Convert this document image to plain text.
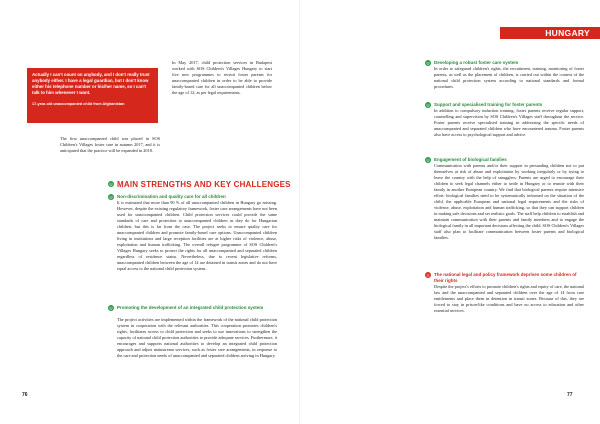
HUNGARY
Actually I can't count on anybody, and I don't really trust anybody either. I have a legal guardian, but I don't know either his telephone number or his/her name, so I can't talk to him whenever I want.
17-year-old unaccompanied child from Afghanistan
In May 2017, child protection services in Budapest worked with SOS Children's Villages Hungary to start five new programmes to recruit foster parents for unaccompanied children in order to be able to provide family-based care for all unaccompanied children below the age of 12, as per legal requirements.
The first unaccompanied child was placed in SOS Children's Villages foster care in autumn 2017, and it is anticipated that the practice will be expanded in 2018.
MAIN STRENGTHS AND KEY CHALLENGES
Non-discrimination and quality care for all children
It is estimated that more than 90 % of all unaccompanied children in Hungary go missing. However, despite the existing regulatory framework, foster care arrangements have not been used for unaccompanied children. Child protection services could provide the same standards of care and protection to unaccompanied children as they do for Hungarian children, but this is far from the case. The project seeks to ensure quality care for unaccompanied children and promote family-based care options. Unaccompanied children living in institutions and large reception facilities are at higher risks of violence, abuse, exploitation and human trafficking. The overall refugee programme of SOS Children's Villages Hungary seeks to protect the rights for all unaccompanied and separated children regardless of residence status. Nevertheless, due to recent legislative reforms, unaccompanied children between the age of 14 are detained in transit zones and do not have equal access to the national child protection system.
Promoting the development of an integrated child protection system
The project activities are implemented within the framework of the national child protection system in cooperation with the relevant authorities. This cooperation promotes children's rights, facilitates access to child protection and seeks to use innovations to strengthen the capacity of national child protection authorities to provide adequate services. Furthermore, it encourages and supports national authorities to develop an integrated child protection approach and adjust mainstream services, such as foster care arrangements, in response to the care and protection needs of unaccompanied and separated children arriving in Hungary.
76
Developing a robust foster care system
In order to safeguard children's rights, the recruitment, training, monitoring of foster parents, as well as the placement of children, is carried out within the context of the national child protection system according to national standards and formal procedures.
Support and specialised training for foster parents
In addition to compulsory induction training, foster parents receive regular support, counselling and supervision by SOS Children's Villages staff throughout the service. Foster parents receive specialised training in addressing the specific needs of unaccompanied and separated children who have encountered trauma. Foster parents also have access to psychological support and advice.
Engagement of biological families
Communication with parents and/or their support in persuading children not to put themselves at risk of abuse and exploitation by working irregularly or by trying to leave the country with the help of smugglers. Parents are urged to encourage their children to seek legal channels either to settle in Hungary or to reunite with their family in another European country. We find that biological parents require intensive effort: biological families need to be systematically informed on the situation of the child, the applicable European and national legal requirements and the risks of violence, abuse, exploitation and human trafficking, so that they can support children in making safe decisions and set realistic goals. The staff help children to establish and maintain communication with their parents and family members and to engage the biological family in all important decisions affecting the child. SOS Children's Villages staff also plan to facilitate communication between foster parents and biological families.
The national legal and policy framework deprives some children of their rights
Despite the project's efforts to promote children's rights and equity of care, the national law and the unaccompanied and separated children over the age of 14 from care entitlements and place them in detention in transit zones. Because of this, they are forced to stay in prison-like conditions and have no access to education and other essential services.
77
